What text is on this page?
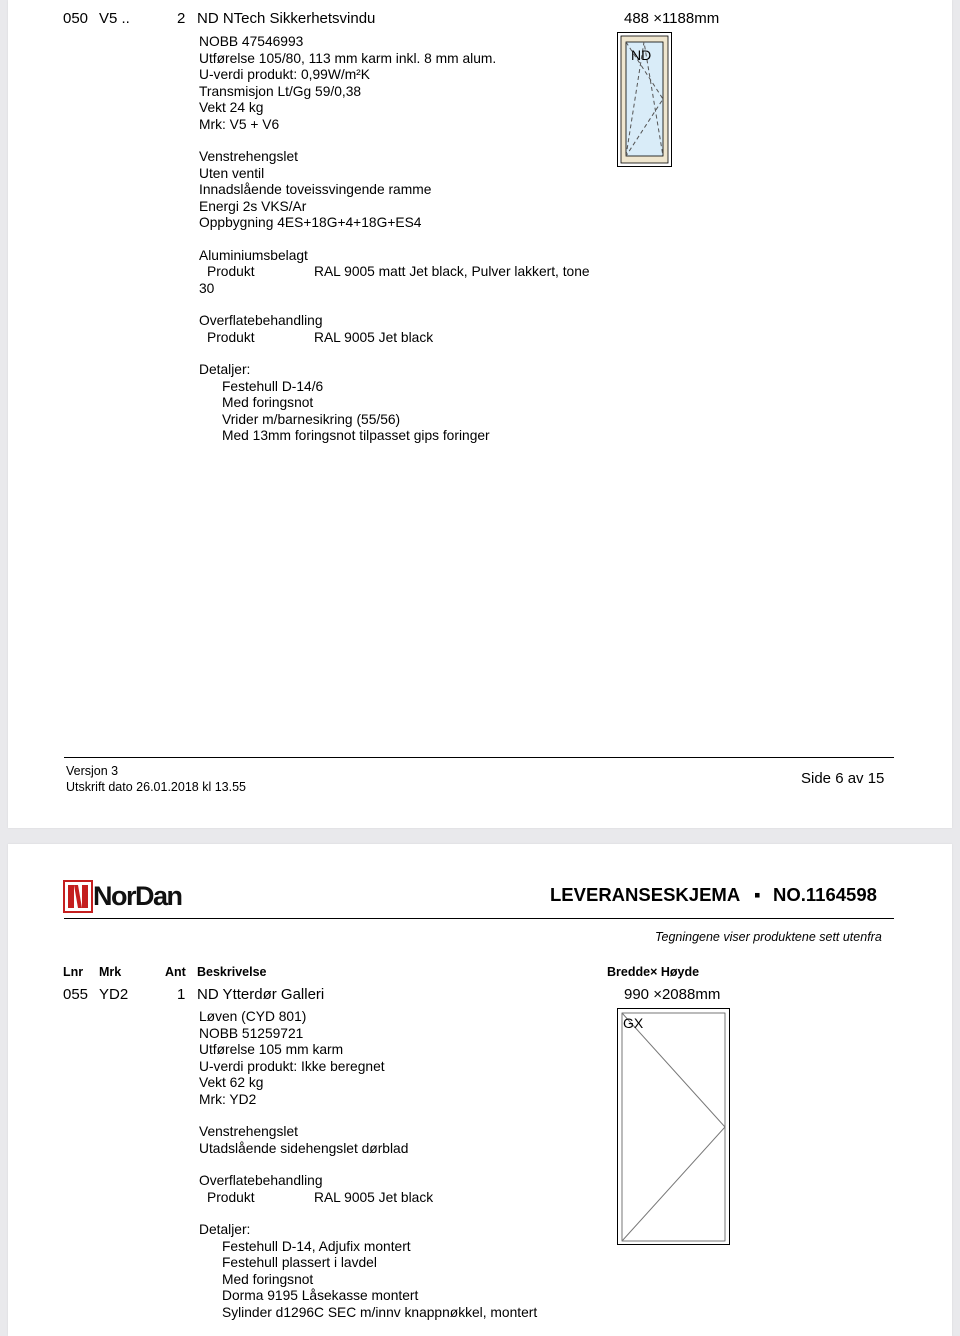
050 V5 ..	2 ND NTech Sikkerhetsvindu	488 ×1188mm
ND
NOBB 47546993
Utførelse 105/80, 113 mm karm inkl. 8 mm alum.
U-verdi produkt: 0,99W/m²K
Transmisjon Lt/Gg 59/0,38
Vekt 24 kg
Mrk: V5 + V6
Venstrehengslet
Uten ventil
Innadslående toveissvingende ramme
Energi 2s VKS/Ar
Oppbygning 4ES+18G+4+18G+ES4
Aluminiumsbelagt
Produkt	RAL 9005 matt Jet black, Pulver lakkert, tone
30
Overflatebehandling
Produkt	RAL 9005 Jet black
Detaljer:
Festehull D-14/6
Med foringsnot
Vrider m/barnesikring (55/56)
Med 13mm foringsnot tilpasset gips foringer
Versjon 3
Utskrift dato 26.01.2018 kl 13.55	Side 6 av 15
NorDan	LEVERANSESKJEMA ▪ NO.1164598
Tegningene viser produktene sett utenfra
Lnr Mrk	Ant Beskrivelse	Bredde× Høyde
055 YD2	1 ND Ytterdør Galleri	990 ×2088mm
GX
Løven (CYD 801)
NOBB 51259721
Utførelse 105 mm karm
U-verdi produkt: Ikke beregnet
Vekt 62 kg
Mrk: YD2
Venstrehengslet
Utadslående sidehengslet dørblad
Overflatebehandling
Produkt	RAL 9005 Jet black
Detaljer:
Festehull D-14, Adjufix montert
Festehull plassert i lavdel
Med foringsnot
Dorma 9195 Låsekasse montert
Sylinder d1296C SEC m/innv knappnøkkel, montert
